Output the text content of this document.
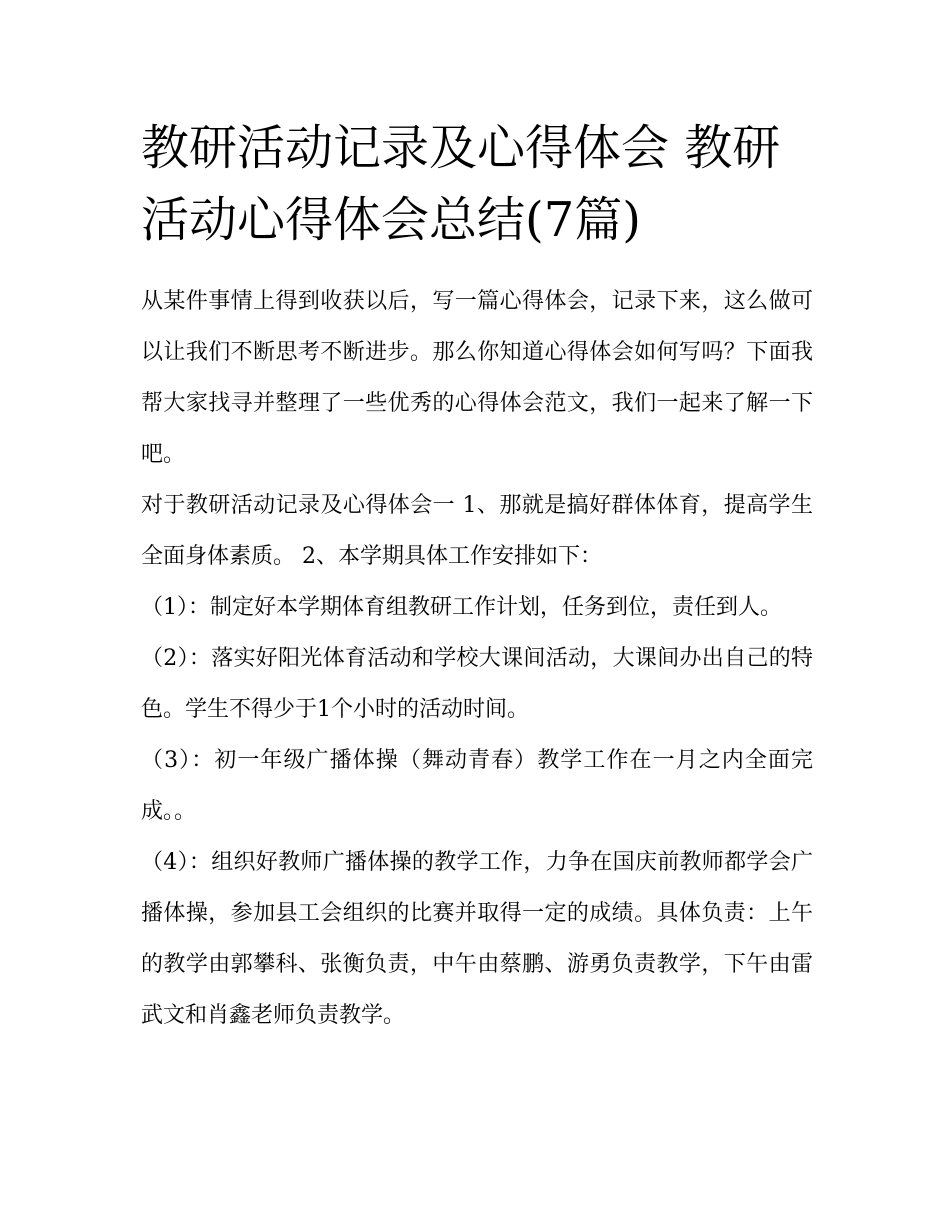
教研活动记录及心得体会 教研活动心得体会总结(7篇)

从某件事情上得到收获以后，写一篇心得体会，记录下来，这么做可以让我们不断思考不断进步。那么你知道心得体会如何写吗？下面我帮大家找寻并整理了一些优秀的心得体会范文，我们一起来了解一下吧。

对于教研活动记录及心得体会一 1、那就是搞好群体体育，提高学生全面身体素质。 2、本学期具体工作安排如下：

（1）：制定好本学期体育组教研工作计划，任务到位，责任到人。

（2）：落实好阳光体育活动和学校大课间活动，大课间办出自己的特色。学生不得少于1个小时的活动时间。

（3）：初一年级广播体操（舞动青春）教学工作在一月之内全面完成。。

（4）：组织好教师广播体操的教学工作，力争在国庆前教师都学会广播体操，参加县工会组织的比赛并取得一定的成绩。具体负责：上午的教学由郭攀科、张衡负责，中午由蔡鹏、游勇负责教学，下午由雷武文和肖鑫老师负责教学。
